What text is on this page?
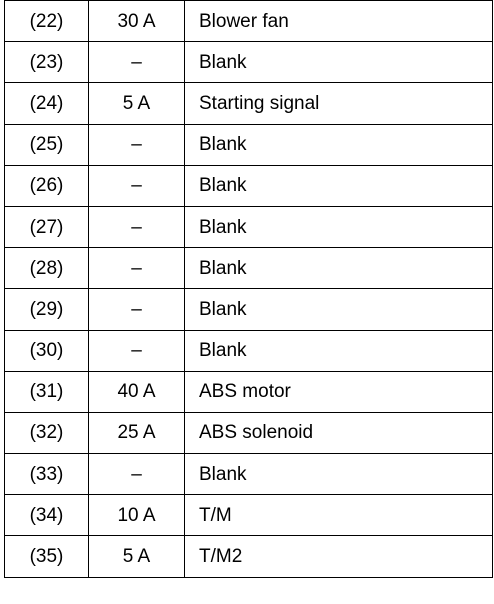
(22)	30 A	Blower fan
(23)	–	Blank
(24)	5 A	Starting signal
(25)	–	Blank
(26)	–	Blank
(27)	–	Blank
(28)	–	Blank
(29)	–	Blank
(30)	–	Blank
(31)	40 A	ABS motor
(32)	25 A	ABS solenoid
(33)	–	Blank
(34)	10 A	T/M
(35)	5 A	T/M2
